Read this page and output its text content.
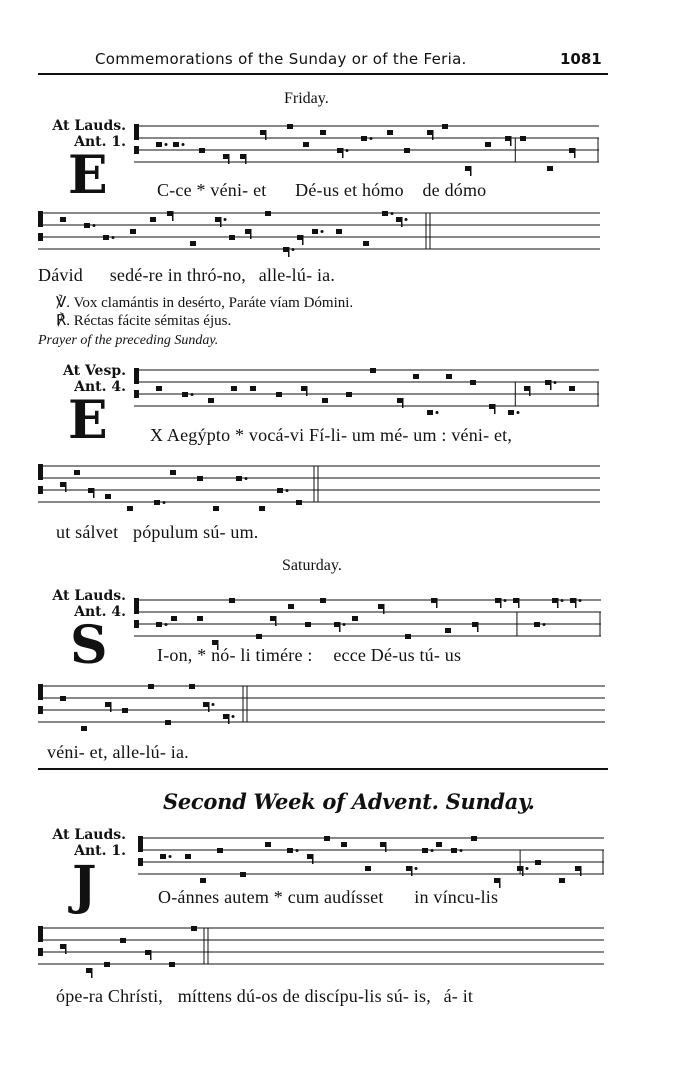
Commemorations of the Sunday or of the Feria.	1081
Friday.
At Lauds.
Ant. 1.
E	C-ce * véni- et Dé-us et hómo de dómo
Dávid sedé-re in thró-no, alle-lú- ia.
℣. Vox clamántis in desérto, Paráte víam Dómini.
℟. Réctas fácite sémitas éjus.
Prayer of the preceding Sunday.
At Vesp.
Ant. 4.
E X Aegýpto * vocá-vi Fí-li- um mé- um : véni- et,
ut sálvet pópulum sú- um.
Saturday.
At Lauds.
Ant. 4.
S	I-on, * nó- li timére : ecce Dé-us tú- us
véni- et, alle-lú- ia.
Second Week of Advent. Sunday.
At Lauds.
Ant. 1.
J	O-ánnes autem * cum audísset in víncu-lis
ópe-ra Chrísti, míttens dú-os de discípu-lis sú- is, á- it
